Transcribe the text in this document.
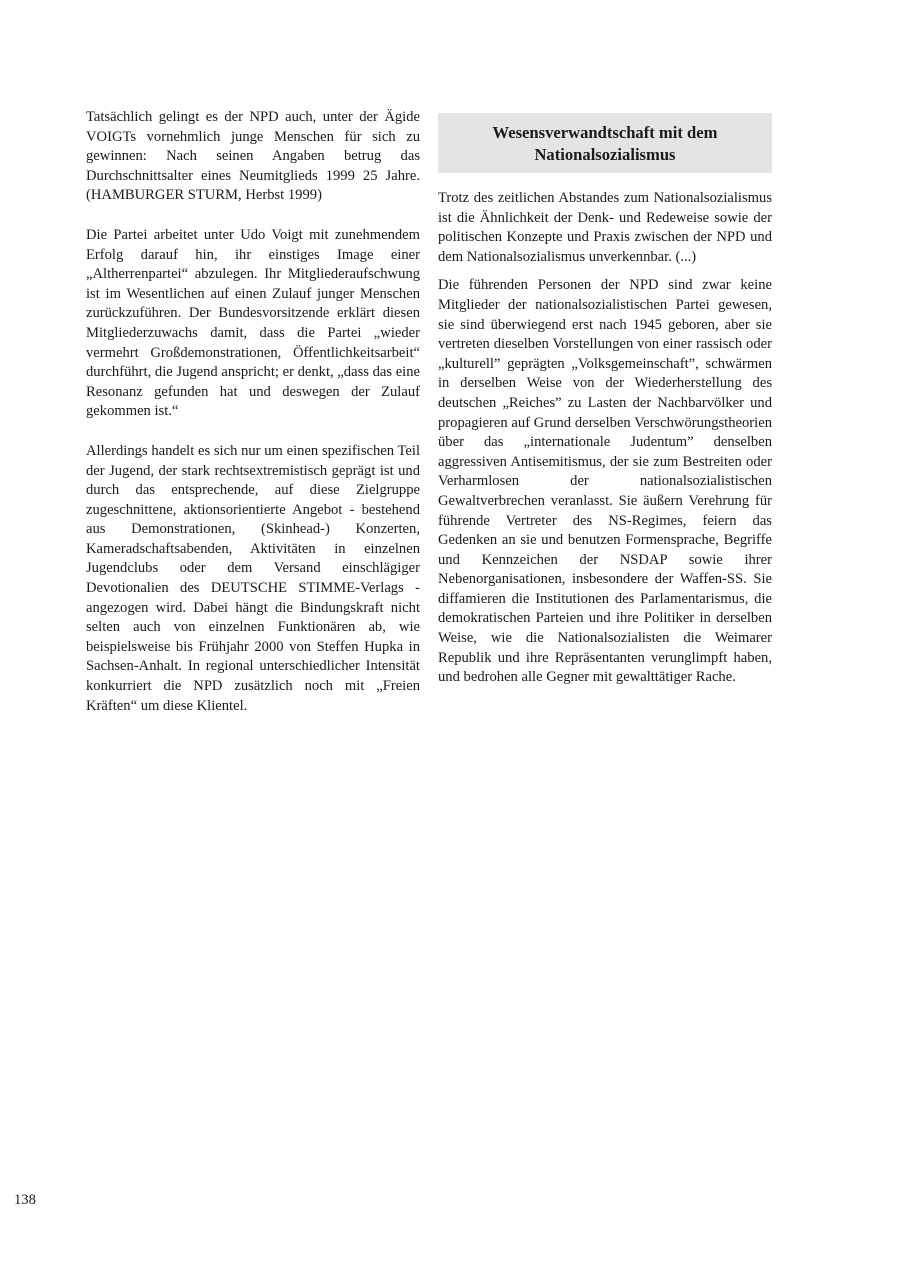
Tatsächlich gelingt es der NPD auch, unter der Ägide VOIGTs vornehmlich junge Menschen für sich zu gewinnen: Nach seinen Angaben betrug das Durchschnittsalter eines Neumitglieds 1999 25 Jahre. (HAMBURGER STURM, Herbst 1999)

Die Partei arbeitet unter Udo Voigt mit zunehmendem Erfolg darauf hin, ihr einstiges Image einer „Altherrenpartei“ abzulegen. Ihr Mitgliederaufschwung ist im Wesentlichen auf einen Zulauf junger Menschen zurückzuführen. Der Bundesvorsitzende erklärt diesen Mitgliederzuwachs damit, dass die Partei „wieder vermehrt Großdemonstrationen, Öffentlichkeitsarbeit“ durchführt, die Jugend anspricht; er denkt, „dass das eine Resonanz gefunden hat und deswegen der Zulauf gekommen ist.“

Allerdings handelt es sich nur um einen spezifischen Teil der Jugend, der stark rechtsextremistisch geprägt ist und durch das entsprechende, auf diese Zielgruppe zugeschnittene, aktionsorientierte Angebot - bestehend aus Demonstrationen, (Skinhead-) Konzerten, Kameradschaftsabenden, Aktivitäten in einzelnen Jugendclubs oder dem Versand einschlägiger Devotionalien des DEUTSCHE STIMME-Verlags - angezogen wird. Dabei hängt die Bindungskraft nicht selten auch von einzelnen Funktionären ab, wie beispielsweise bis Frühjahr 2000 von Steffen Hupka in Sachsen-Anhalt. In regional unterschiedlicher Intensität konkurriert die NPD zusätzlich noch mit „Freien Kräften“ um diese Klientel.

Wesensverwandtschaft mit dem Nationalsozialismus

Trotz des zeitlichen Abstandes zum Nationalsozialismus ist die Ähnlichkeit der Denk- und Redeweise sowie der politischen Konzepte und Praxis zwischen der NPD und dem Nationalsozialismus unverkennbar. (...)

Die führenden Personen der NPD sind zwar keine Mitglieder der nationalsozialistischen Partei gewesen, sie sind überwiegend erst nach 1945 geboren, aber sie vertreten dieselben Vorstellungen von einer rassisch oder „kulturell” geprägten „Volksgemeinschaft”, schwärmen in derselben Weise von der Wiederherstellung des deutschen „Reiches” zu Lasten der Nachbarvölker und propagieren auf Grund derselben Verschwörungstheorien über das „internationale Judentum” denselben aggressiven Antisemitismus, der sie zum Bestreiten oder Verharmlosen der nationalsozialistischen Gewaltverbrechen veranlasst. Sie äußern Verehrung für führende Vertreter des NS-Regimes, feiern das Gedenken an sie und benutzen Formensprache, Begriffe und Kennzeichen der NSDAP sowie ihrer Nebenorganisationen, insbesondere der Waffen-SS. Sie diffamieren die Institutionen des Parlamentarismus, die demokratischen Parteien und ihre Politiker in derselben Weise, wie die Nationalsozialisten die Weimarer Republik und ihre Repräsentanten verunglimpft haben, und bedrohen alle Gegner mit gewalttätiger Rache.

138
